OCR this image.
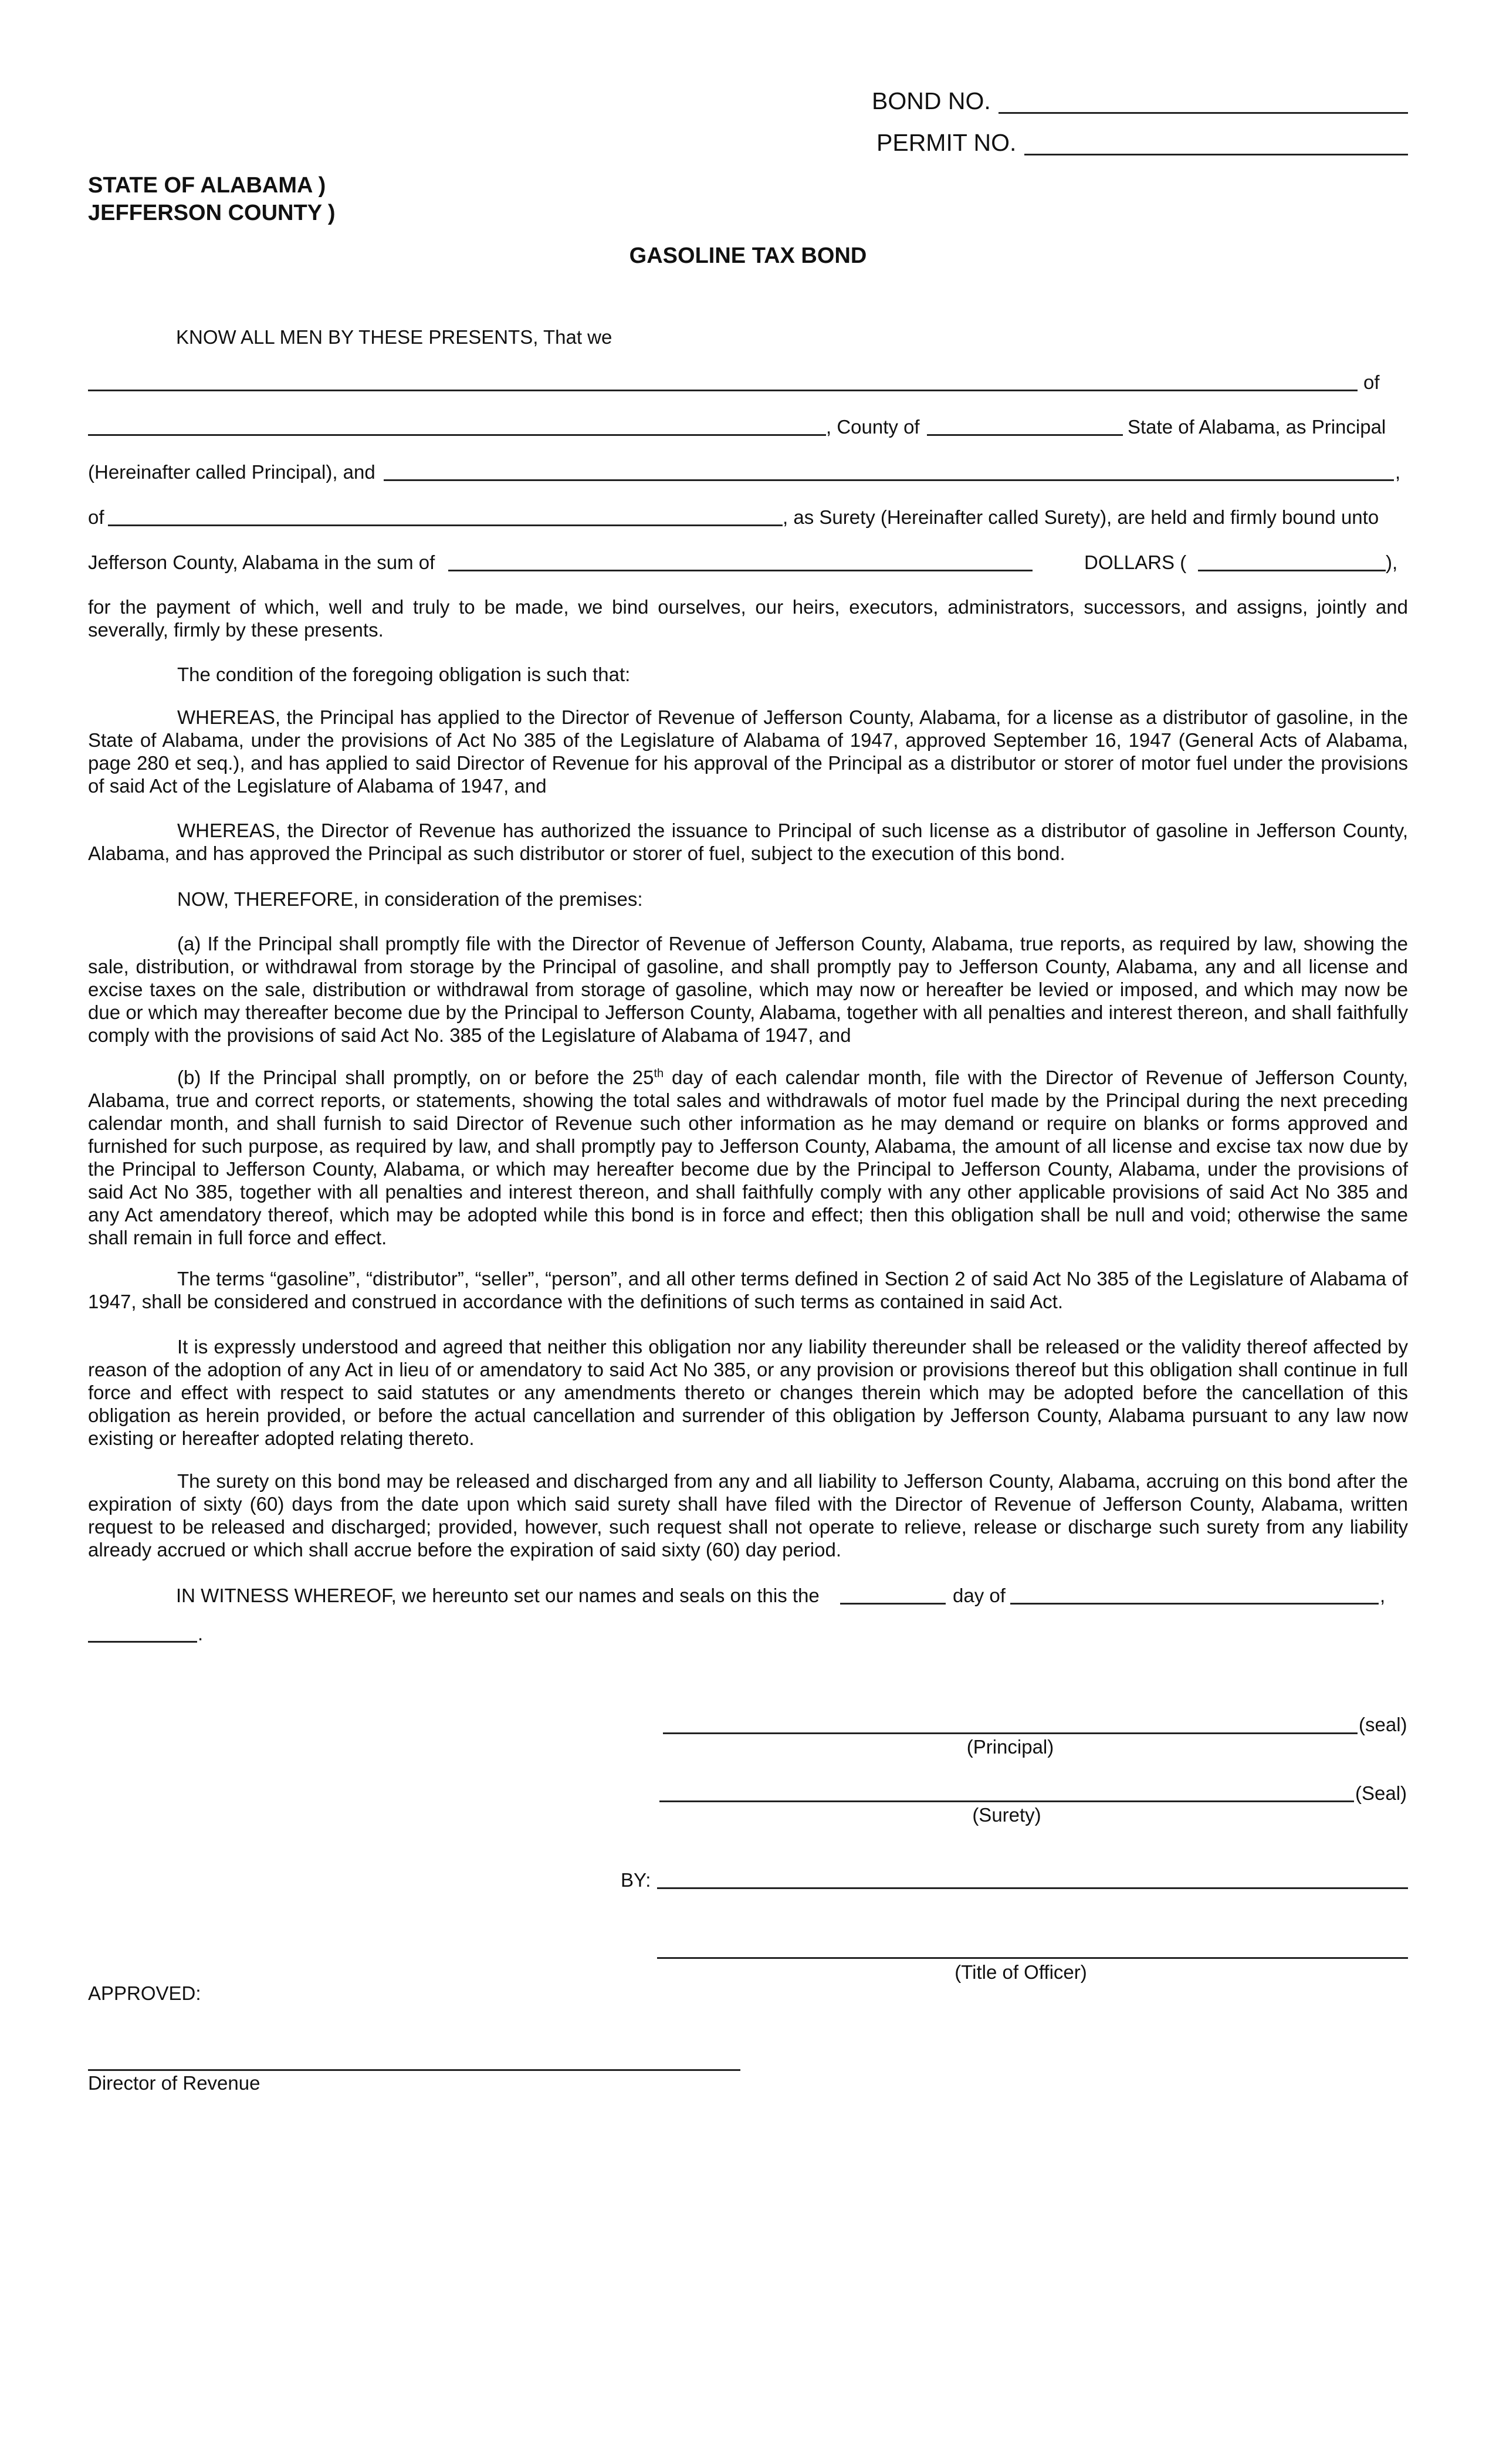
BOND NO.
PERMIT NO.
STATE OF ALABAMA )
JEFFERSON COUNTY )
GASOLINE TAX BOND
KNOW ALL MEN BY THESE PRESENTS, That we
of
, County of	State of Alabama, as Principal
(Hereinafter called Principal), and	,
of	, as Surety (Hereinafter called Surety), are held and firmly bound unto
Jefferson County, Alabama in the sum of	DOLLARS (	),
for the payment of which, well and truly to be made, we bind ourselves, our heirs, executors, administrators, successors, and assigns, jointly and severally, firmly by these presents.
The condition of the foregoing obligation is such that:
WHEREAS, the Principal has applied to the Director of Revenue of Jefferson County, Alabama, for a license as a distributor of gasoline, in the State of Alabama, under the provisions of Act No 385 of the Legislature of Alabama of 1947, approved September 16, 1947 (General Acts of Alabama, page 280 et seq.), and has applied to said Director of Revenue for his approval of the Principal as a distributor or storer of motor fuel under the provisions of said Act of the Legislature of Alabama of 1947, and
WHEREAS, the Director of Revenue has authorized the issuance to Principal of such license as a distributor of gasoline in Jefferson County, Alabama, and has approved the Principal as such distributor or storer of fuel, subject to the execution of this bond.
NOW, THEREFORE, in consideration of the premises:
(a) If the Principal shall promptly file with the Director of Revenue of Jefferson County, Alabama, true reports, as required by law, showing the sale, distribution, or withdrawal from storage by the Principal of gasoline, and shall promptly pay to Jefferson County, Alabama, any and all license and excise taxes on the sale, distribution or withdrawal from storage of gasoline, which may now or hereafter be levied or imposed, and which may now be due or which may thereafter become due by the Principal to Jefferson County, Alabama, together with all penalties and interest thereon, and shall faithfully comply with the provisions of said Act No. 385 of the Legislature of Alabama of 1947, and
(b) If the Principal shall promptly, on or before the 25th day of each calendar month, file with the Director of Revenue of Jefferson County, Alabama, true and correct reports, or statements, showing the total sales and withdrawals of motor fuel made by the Principal during the next preceding calendar month, and shall furnish to said Director of Revenue such other information as he may demand or require on blanks or forms approved and furnished for such purpose, as required by law, and shall promptly pay to Jefferson County, Alabama, the amount of all license and excise tax now due by the Principal to Jefferson County, Alabama, or which may hereafter become due by the Principal to Jefferson County, Alabama, under the provisions of said Act No 385, together with all penalties and interest thereon, and shall faithfully comply with any other applicable provisions of said Act No 385 and any Act amendatory thereof, which may be adopted while this bond is in force and effect; then this obligation shall be null and void; otherwise the same shall remain in full force and effect.
The terms “gasoline”, “distributor”, “seller”, “person”, and all other terms defined in Section 2 of said Act No 385 of the Legislature of Alabama of 1947, shall be considered and construed in accordance with the definitions of such terms as contained in said Act.
It is expressly understood and agreed that neither this obligation nor any liability thereunder shall be released or the validity thereof affected by reason of the adoption of any Act in lieu of or amendatory to said Act No 385, or any provision or provisions thereof but this obligation shall continue in full force and effect with respect to said statutes or any amendments thereto or changes therein which may be adopted before the cancellation of this obligation as herein provided, or before the actual cancellation and surrender of this obligation by Jefferson County, Alabama pursuant to any law now existing or hereafter adopted relating thereto.
The surety on this bond may be released and discharged from any and all liability to Jefferson County, Alabama, accruing on this bond after the expiration of sixty (60) days from the date upon which said surety shall have filed with the Director of Revenue of Jefferson County, Alabama, written request to be released and discharged; provided, however, such request shall not operate to relieve, release or discharge such surety from any liability already accrued or which shall accrue before the expiration of said sixty (60) day period.
IN WITNESS WHEREOF, we hereunto set our names and seals on this the	day of	,
.
(seal)
(Principal)
(Seal)
(Surety)
BY:
(Title of Officer)
APPROVED:
Director of Revenue
